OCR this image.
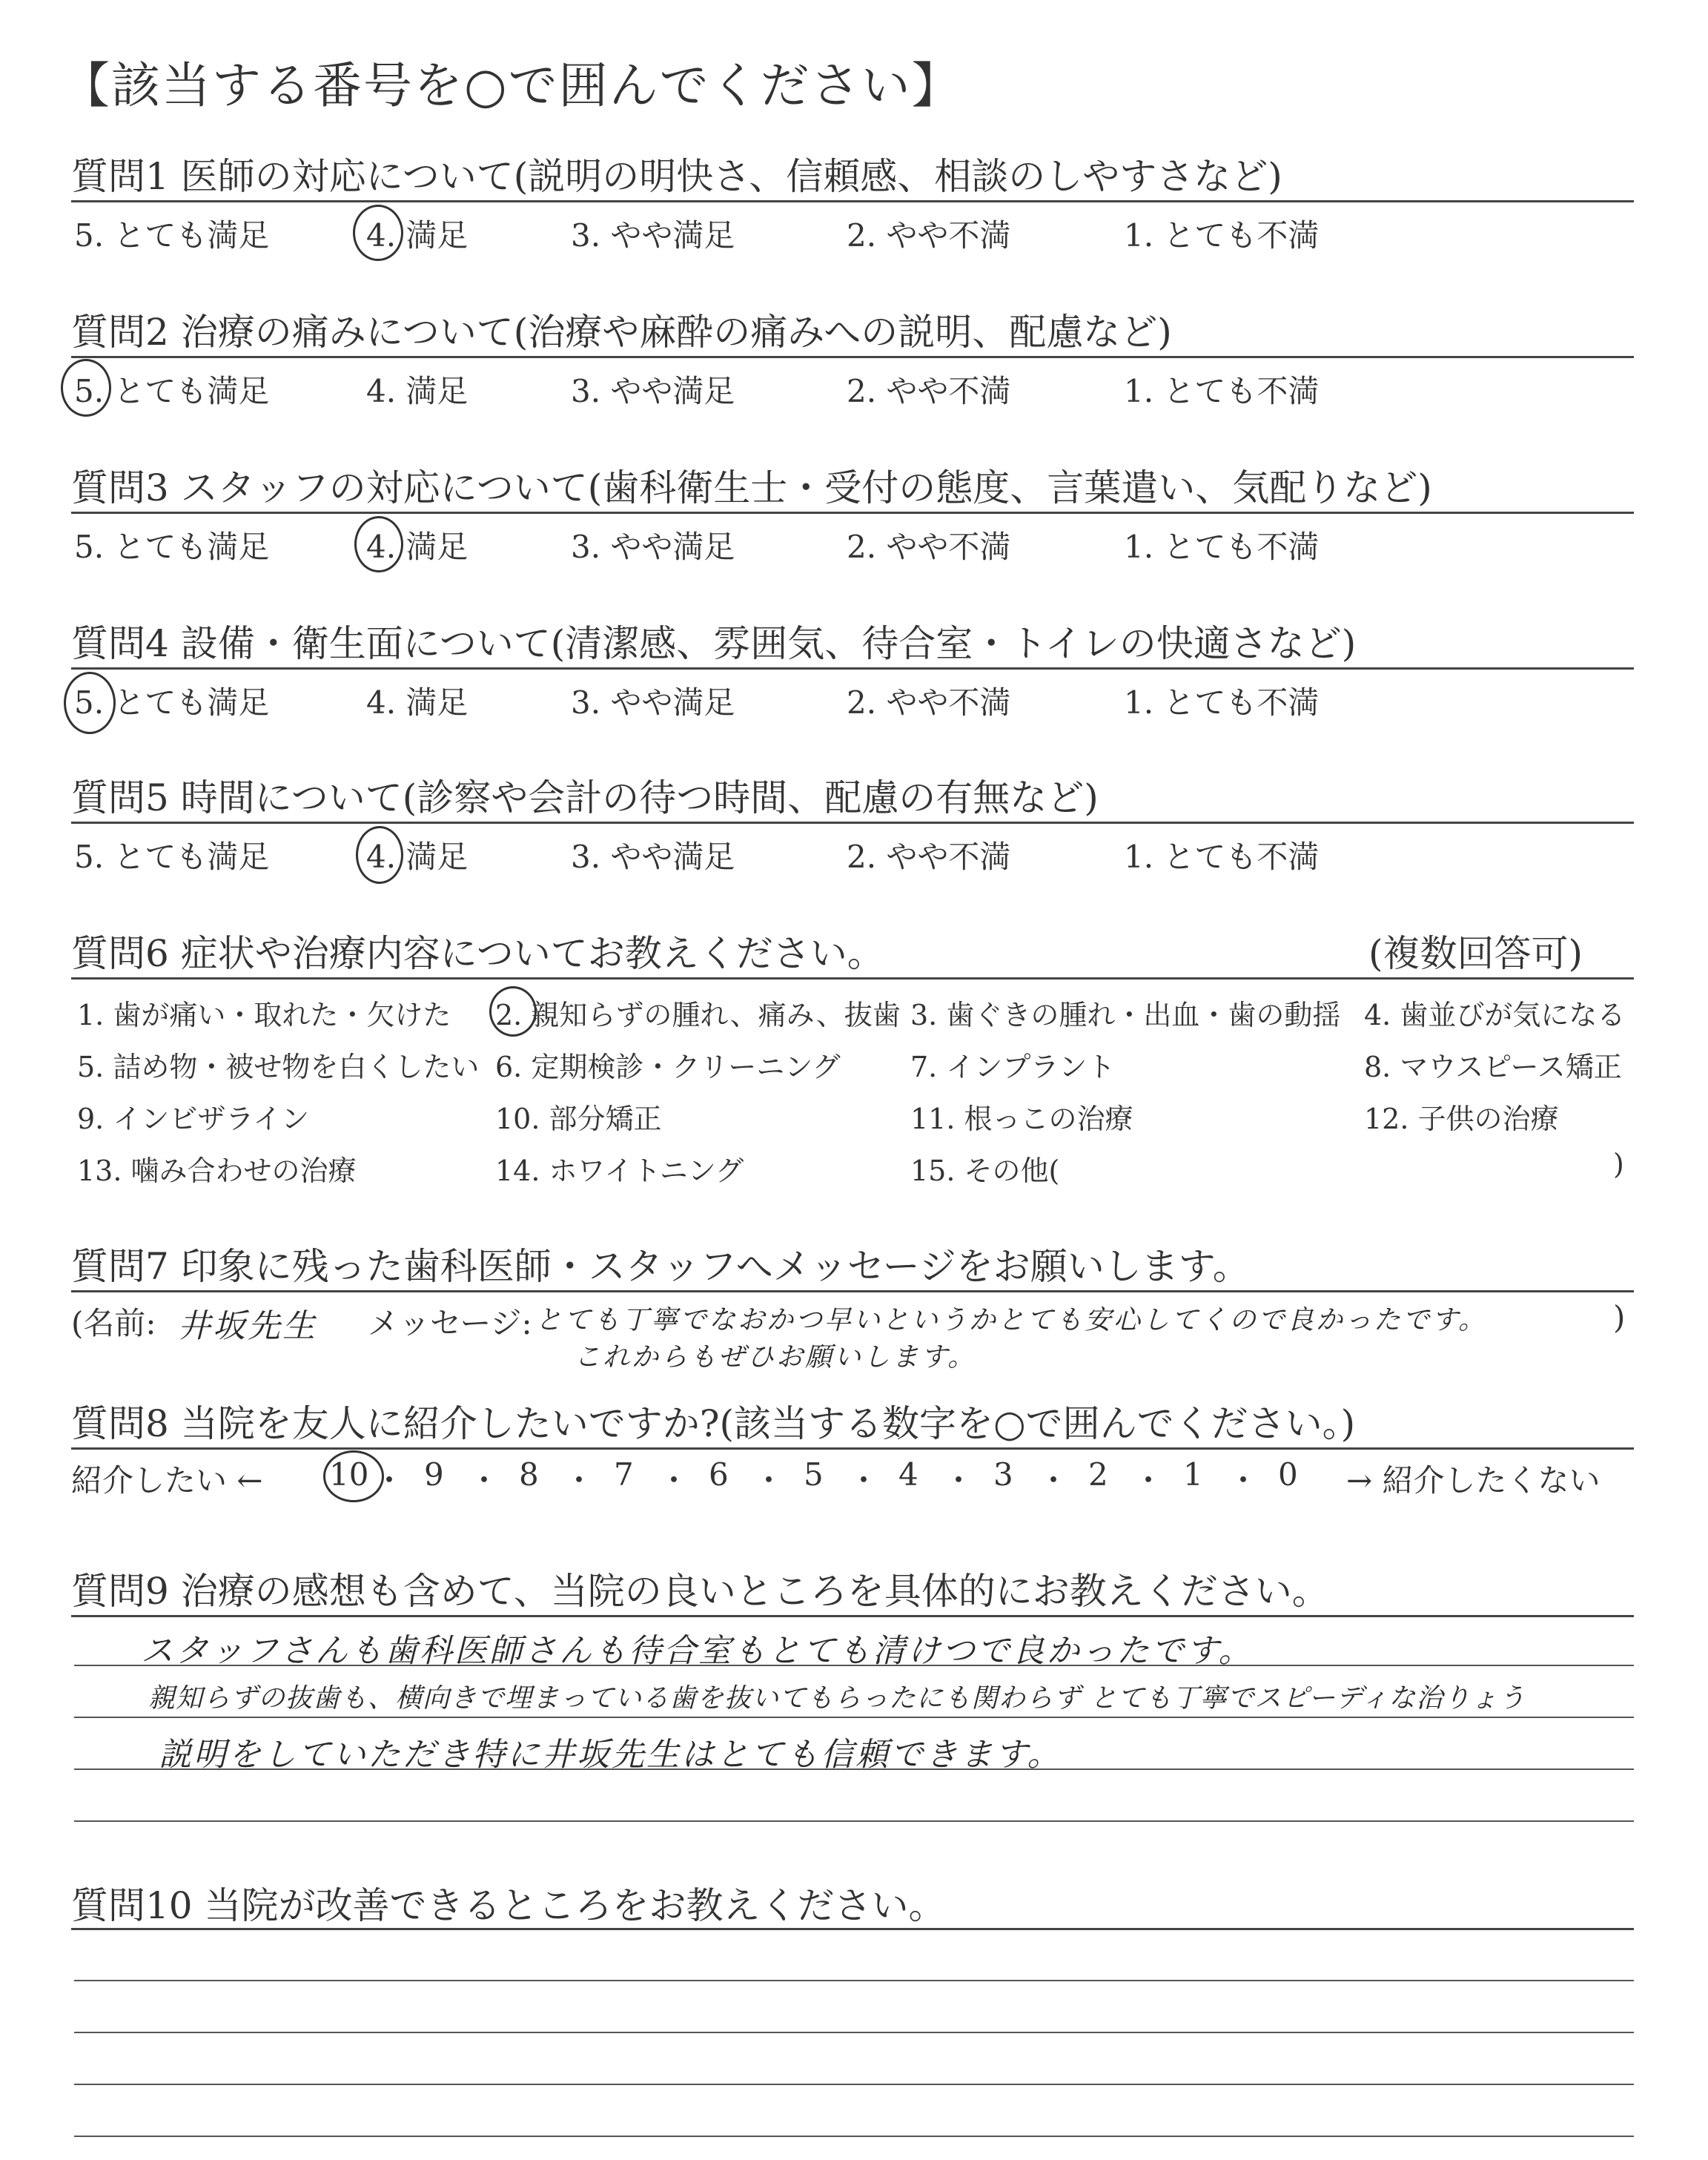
【該当する番号を○で囲んでください】
質問1 医師の対応について(説明の明快さ、信頼感、相談のしやすさなど)
5. とても満足	4. 満足	3. やや満足	2. やや不満	1. とても不満
質問2 治療の痛みについて(治療や麻酔の痛みへの説明、配慮など)
5. とても満足	4. 満足	3. やや満足	2. やや不満	1. とても不満
質問3 スタッフの対応について(歯科衛生士・受付の態度、言葉遣い、気配りなど)
5. とても満足	4. 満足	3. やや満足	2. やや不満	1. とても不満
質問4 設備・衛生面について(清潔感、雰囲気、待合室・トイレの快適さなど)
5. とても満足	4. 満足	3. やや満足	2. やや不満	1. とても不満
質問5 時間について(診察や会計の待つ時間、配慮の有無など)
5. とても満足	4. 満足	3. やや満足	2. やや不満	1. とても不満
質問6 症状や治療内容についてお教えください。	(複数回答可)
1. 歯が痛い・取れた・欠けた 2. 親知らずの腫れ、痛み、抜歯 3. 歯ぐきの腫れ・出血・歯の動揺 4. 歯並びが気になる
5. 詰め物・被せ物を白くしたい 6. 定期検診・クリーニング 7. インプラント	8. マウスピース矯正
9. インビザライン	10. 部分矯正	11. 根っこの治療	12. 子供の治療
13. 噛み合わせの治療	14. ホワイトニング	15. その他(	)
質問7 印象に残った歯科医師・スタッフへメッセージをお願いします。
(名前: 井坂先生 メッセージ: とても丁寧でなおかつ早いというかとても安心してくので良かったです。
これからもぜひお願いします。
)
質問8 当院を友人に紹介したいですか?(該当する数字を○で囲んでください。)
紹介したい ← 10 ・ 9 ・ 8 ・ 7 ・ 6 ・ 5 ・ 4 ・ 3 ・ 2 ・ 1 ・ 0 → 紹介したくない
質問9 治療の感想も含めて、当院の良いところを具体的にお教えください。
スタッフさんも歯科医師さんも待合室もとても清けつで良かったです。
親知らずの抜歯も、横向きで埋まっている歯を抜いてもらったにも関わらず とても丁寧でスピーディな治りょう
説明をしていただき特に井坂先生はとても信頼できます。
質問10 当院が改善できるところをお教えください。
